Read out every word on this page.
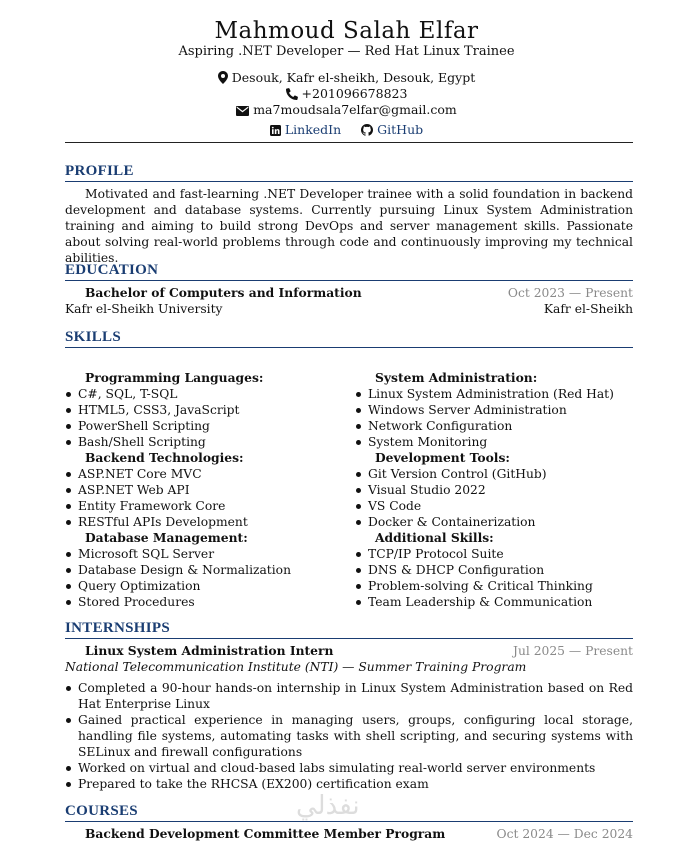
Mahmoud Salah Elfar
Aspiring .NET Developer — Red Hat Linux Trainee
Desouk, Kafr el-sheikh, Desouk, Egypt
+201096678823
ma7moudsala7elfar@gmail.com
LinkedIn	GitHub
PROFILE
Motivated and fast-learning .NET Developer trainee with a solid foundation in backend development and database systems. Currently pursuing Linux System Administration training and aiming to build strong DevOps and server management skills. Passionate about solving real-world problems through code and continuously improving my technical abilities.
EDUCATION
Bachelor of Computers and Information	Oct 2023 — Present
Kafr el-Sheikh University	Kafr el-Sheikh
SKILLS
Programming Languages:
C#, SQL, T-SQL
HTML5, CSS3, JavaScript
PowerShell Scripting
Bash/Shell Scripting
Backend Technologies:
ASP.NET Core MVC
ASP.NET Web API
Entity Framework Core
RESTful APIs Development
Database Management:
Microsoft SQL Server
Database Design & Normalization
Query Optimization
Stored Procedures
System Administration:
Linux System Administration (Red Hat)
Windows Server Administration
Network Configuration
System Monitoring
Development Tools:
Git Version Control (GitHub)
Visual Studio 2022
VS Code
Docker & Containerization
Additional Skills:
TCP/IP Protocol Suite
DNS & DHCP Configuration
Problem-solving & Critical Thinking
Team Leadership & Communication
INTERNSHIPS
Linux System Administration Intern	Jul 2025 — Present
National Telecommunication Institute (NTI) — Summer Training Program
Completed a 90-hour hands-on internship in Linux System Administration based on Red Hat Enterprise Linux
Gained practical experience in managing users, groups, configuring local storage, handling file systems, automating tasks with shell scripting, and securing systems with SELinux and firewall configurations
Worked on virtual and cloud-based labs simulating real-world server environments
Prepared to take the RHCSA (EX200) certification exam
COURSES
Backend Development Committee Member Program	Oct 2024 — Dec 2024
نفذلي
